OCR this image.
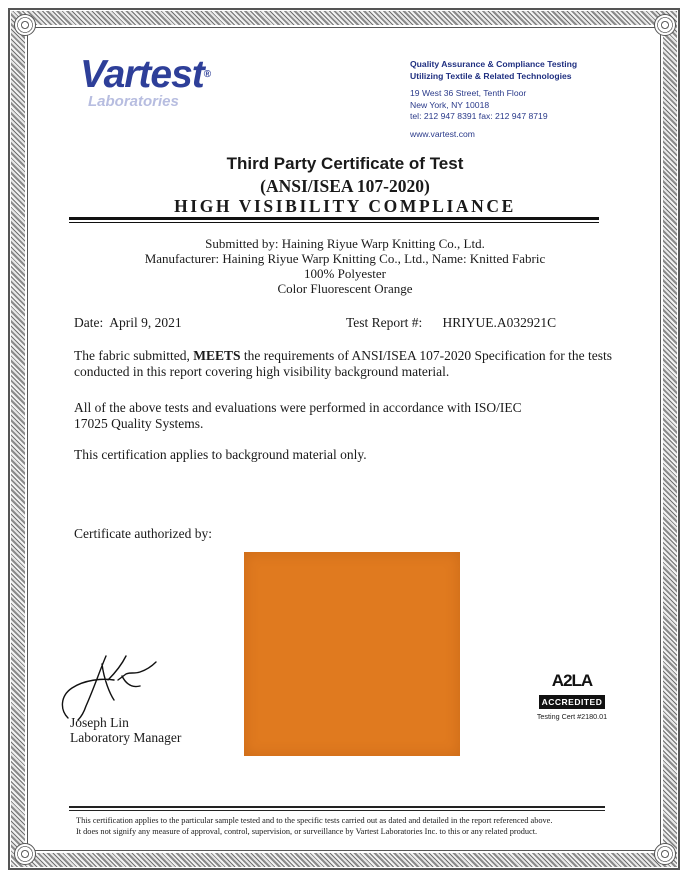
Vartest®
Laboratories
Quality Assurance & Compliance Testing
Utilizing Textile & Related Technologies
19 West 36 Street, Tenth Floor
New York, NY 10018
tel: 212 947 8391 fax: 212 947 8719
www.vartest.com
Third Party Certificate of Test
(ANSI/ISEA 107-2020)
HIGH VISIBILITY COMPLIANCE
Submitted by: Haining Riyue Warp Knitting Co., Ltd.
Manufacturer: Haining Riyue Warp Knitting Co., Ltd., Name: Knitted Fabric
100% Polyester
Color Fluorescent Orange
Date: April 9, 2021	Test Report #: HRIYUE.A032921C
The fabric submitted, MEETS the requirements of ANSI/ISEA 107-2020 Specification for the tests conducted in this report covering high visibility background material.
All of the above tests and evaluations were performed in accordance with ISO/IEC 17025 Quality Systems.
This certification applies to background material only.
Certificate authorized by:
Joseph Lin
Laboratory Manager
A2LA
ACCREDITED
Testing Cert #2180.01
This certification applies to the particular sample tested and to the specific tests carried out as dated and detailed in the report referenced above.
It does not signify any measure of approval, control, supervision, or surveillance by Vartest Laboratories Inc. to this or any related product.
